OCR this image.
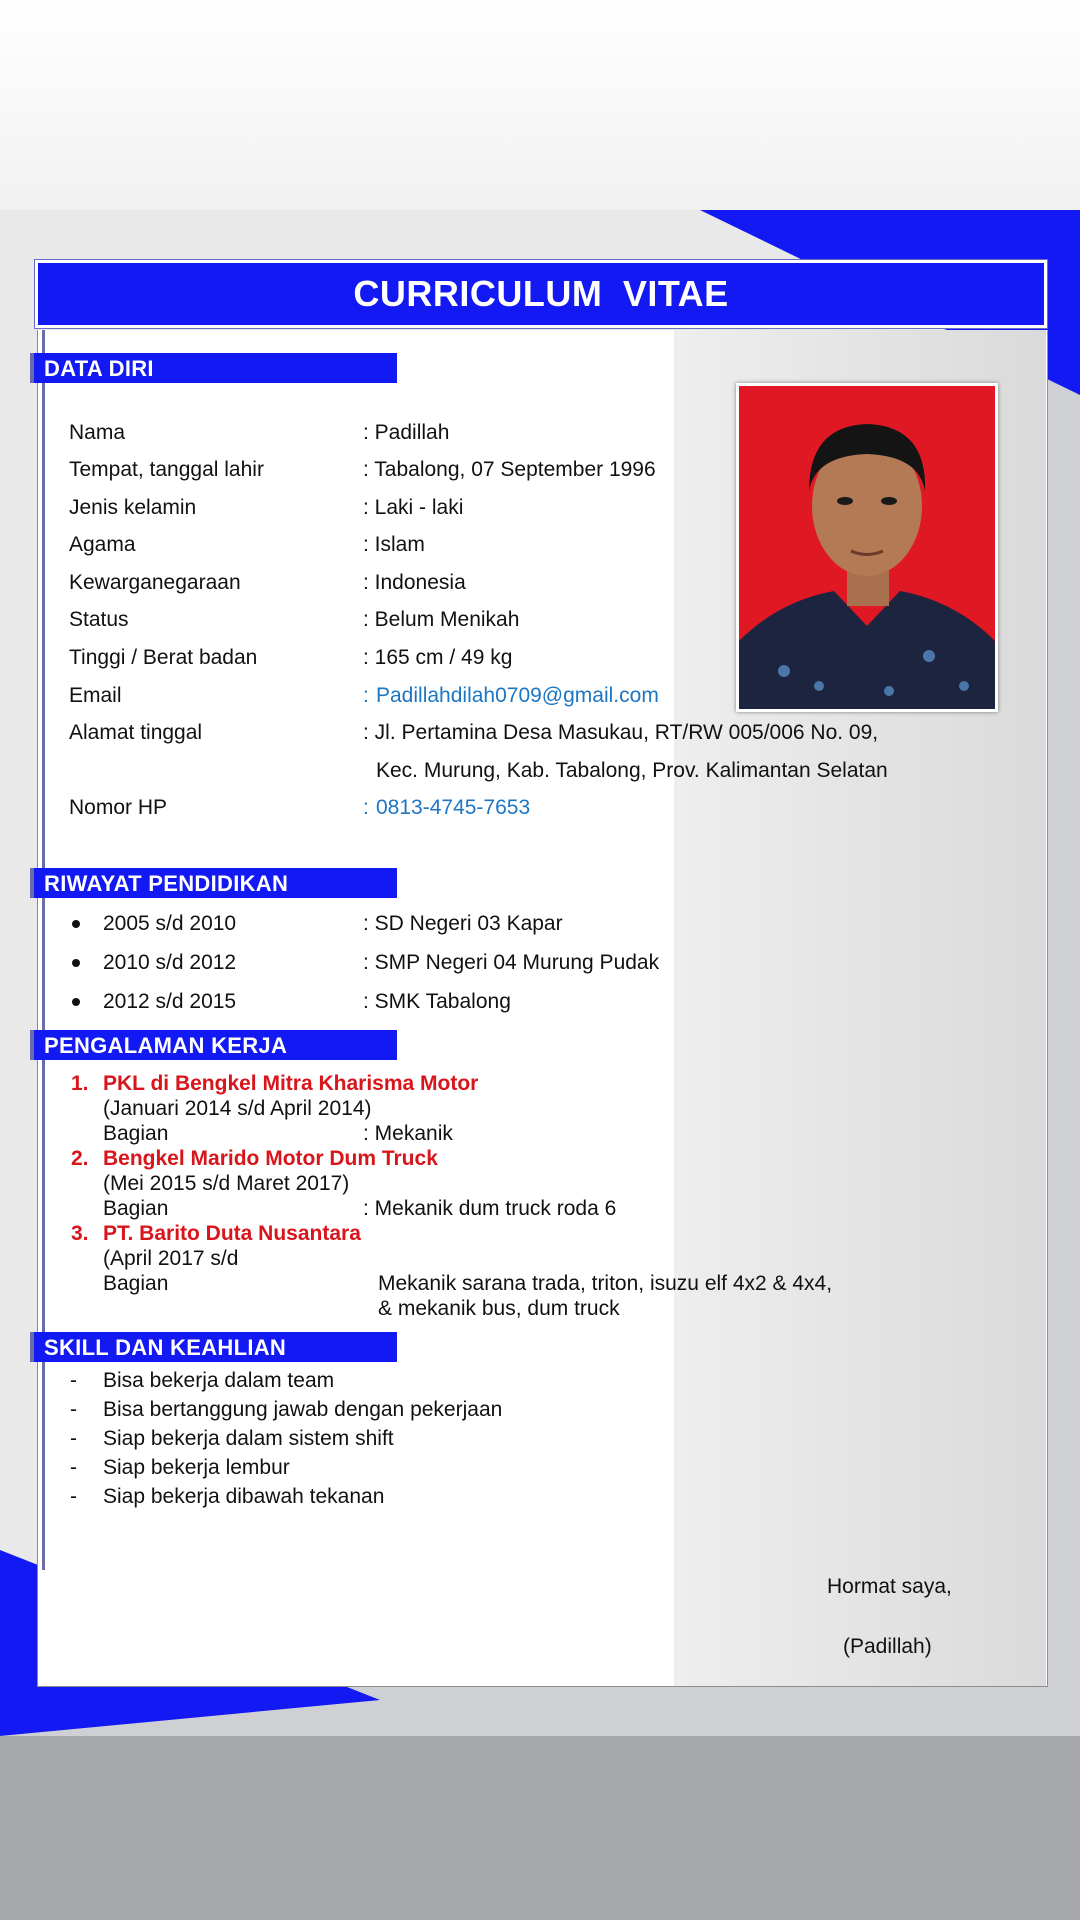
CURRICULUM VITAE
DATA DIRI
Nama	: Padillah
Tempat, tanggal lahir	: Tabalong, 07 September 1996
Jenis kelamin	: Laki - laki
Agama	: Islam
Kewarganegaraan	: Indonesia
Status	: Belum Menikah
Tinggi / Berat badan	: 165 cm / 49 kg
Email	: Padillahdilah0709@gmail.com
Alamat tinggal	: Jl. Pertamina Desa Masukau, RT/RW 005/006 No. 09,
Kec. Murung, Kab. Tabalong, Prov. Kalimantan Selatan
Nomor HP	: 0813-4745-7653
RIWAYAT PENDIDIKAN
2005 s/d 2010	: SD Negeri 03 Kapar
2010 s/d 2012	: SMP Negeri 04 Murung Pudak
2012 s/d 2015	: SMK Tabalong
PENGALAMAN KERJA
1. PKL di Bengkel Mitra Kharisma Motor
(Januari 2014 s/d April 2014)
Bagian	: Mekanik
2. Bengkel Marido Motor Dum Truck
(Mei 2015 s/d Maret 2017)
Bagian	: Mekanik dum truck roda 6
3. PT. Barito Duta Nusantara
(April 2017 s/d
Bagian	Mekanik sarana trada, triton, isuzu elf 4x2 & 4x4,
& mekanik bus, dum truck
SKILL DAN KEAHLIAN
- Bisa bekerja dalam team
- Bisa bertanggung jawab dengan pekerjaan
- Siap bekerja dalam sistem shift
- Siap bekerja lembur
- Siap bekerja dibawah tekanan
Hormat saya,
(Padillah)
